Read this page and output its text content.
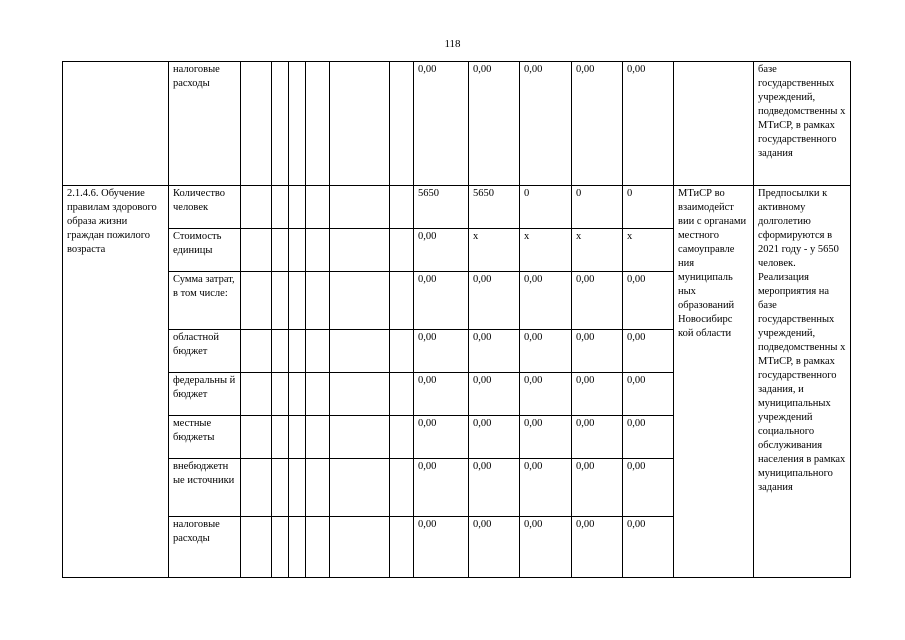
118
	налоговые расходы							0,00	0,00	0,00	0,00	0,00		базе государственных учреждений, подведомственны х МТиСР, в рамках государственного задания
2.1.4.6. Обучение правилам здорового образа жизни граждан пожилого возраста	Количество человек							5650	5650	0	0	0	МТиСР во взаимодейст вии с органами местного самоуправле ния муниципаль ных образований Новосибирс кой области	Предпосылки к активному долголетию сформируются в 2021 году - у 5650 человек. Реализация мероприятия на базе государственных учреждений, подведомственны х МТиСР, в рамках государственного задания, и муниципальных учреждений социального обслуживания населения в рамках муниципального задания
	Стоимость единицы							0,00	х	х	х	х		
	Сумма затрат, в том числе:							0,00	0,00	0,00	0,00	0,00		
	областной бюджет							0,00	0,00	0,00	0,00	0,00		
	федеральны й бюджет							0,00	0,00	0,00	0,00	0,00		
	местные бюджеты							0,00	0,00	0,00	0,00	0,00		
	внебюджетн ые источники							0,00	0,00	0,00	0,00	0,00		
	налоговые расходы							0,00	0,00	0,00	0,00	0,00		
